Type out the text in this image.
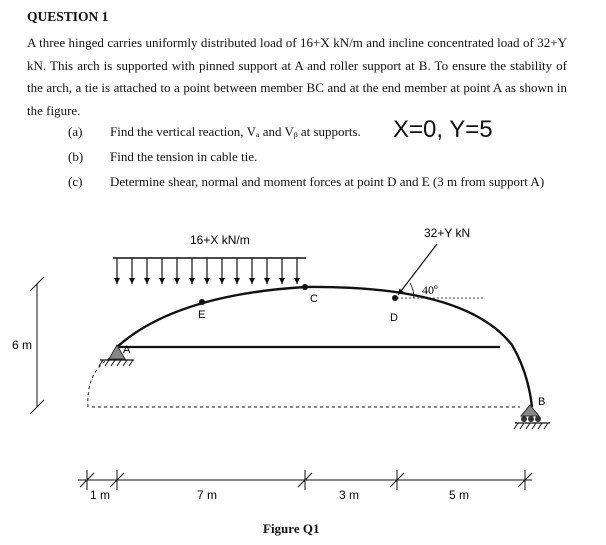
QUESTION 1
A three hinged carries uniformly distributed load of 16+X kN/m and incline concentrated load of 32+Y kN. This arch is supported with pinned support at A and roller support at B. To ensure the stability of the arch, a tie is attached to a point between member BC and at the end member at point A as shown in the figure.
(a) Find the vertical reaction, Vₐ and Vᵦ at supports.
(b) Find the tension in cable tie.
(c) Determine shear, normal and moment forces at point D and E (3 m from support A)
X=0, Y=5
16+X kN/m
A
B
C
E	D
32+Y kN
40º
6 m
1 m	7 m	3 m	5 m
Figure Q1
